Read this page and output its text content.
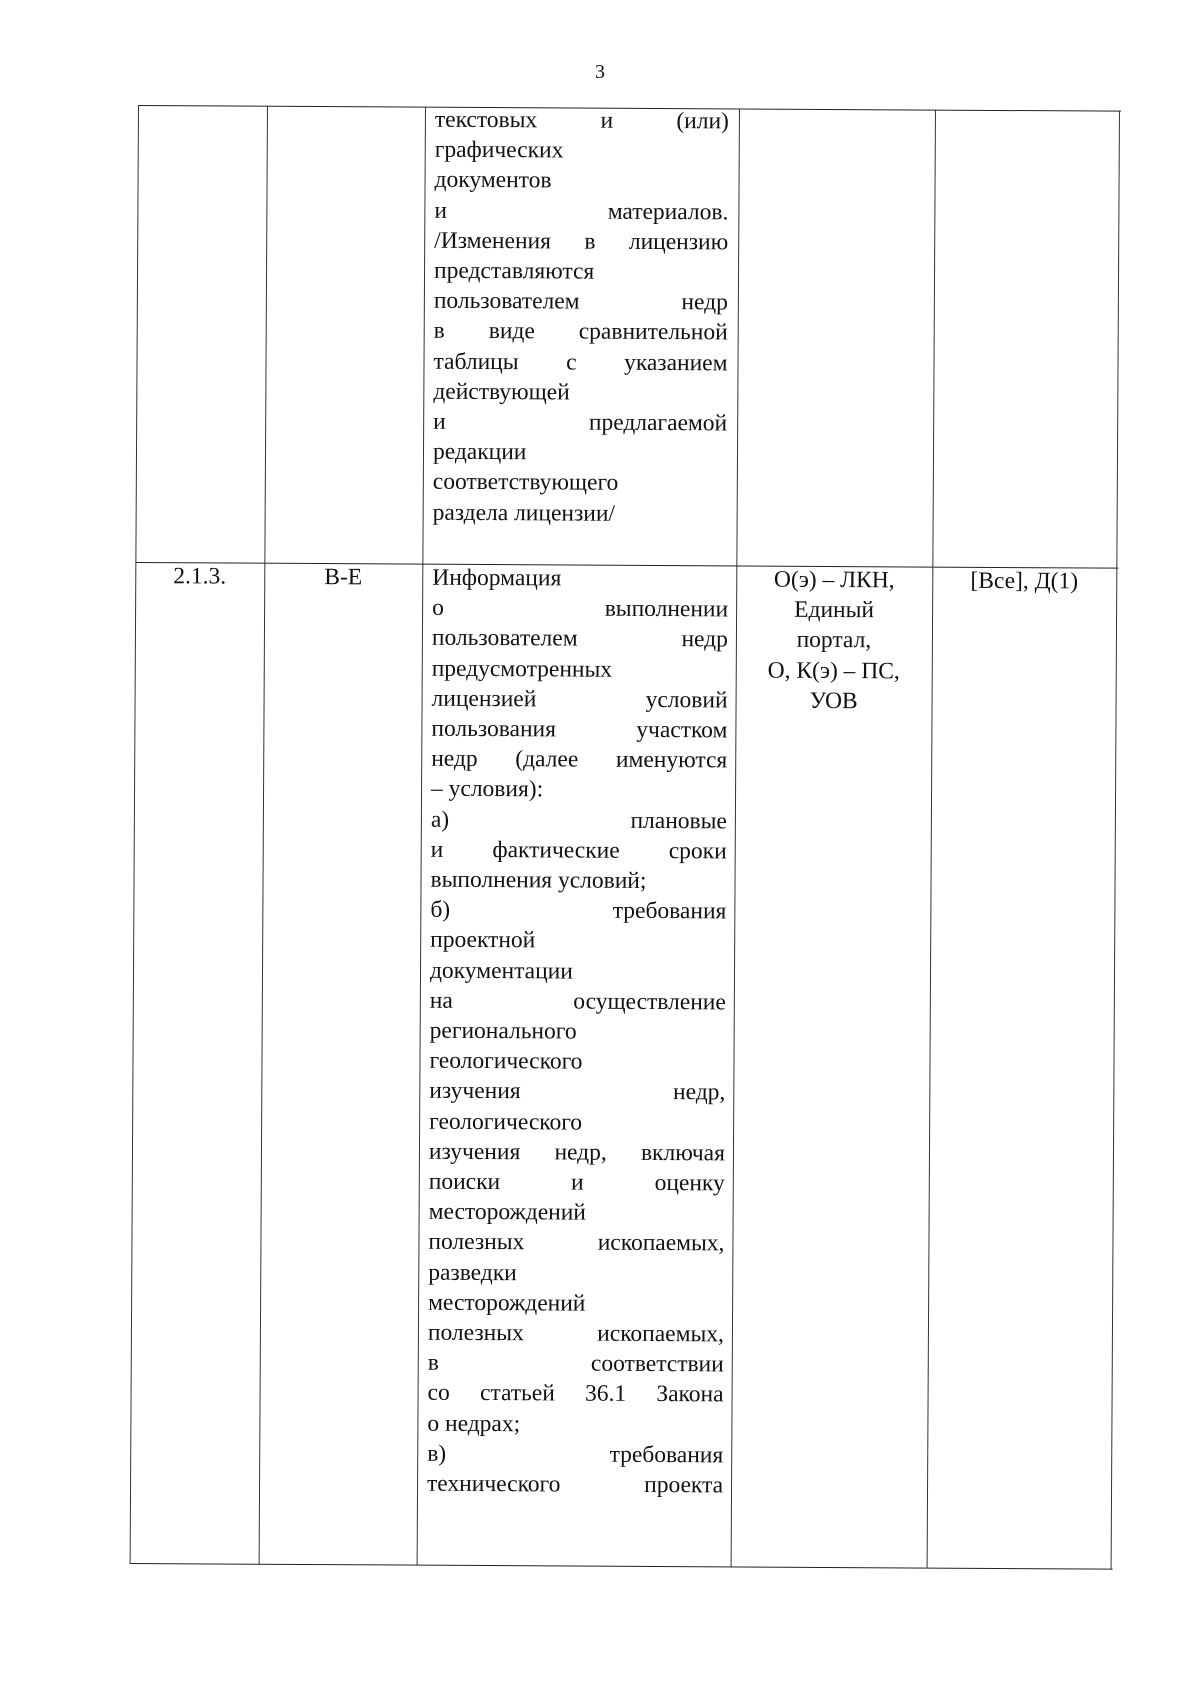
3
текстовых и (или)
графических
документов
и материалов.
/Изменения в лицензию
представляются
пользователем недр
в виде сравнительной
таблицы с указанием
действующей
и предлагаемой
редакции
соответствующего
раздела лицензии/
2.1.3.	В-Е	Информация
о выполнении
пользователем недр
предусмотренных
лицензией условий
пользования участком
недр (далее именуются
– условия):
а) плановые
и фактические сроки
выполнения условий;
б) требования
проектной
документации
на осуществление
регионального
геологического
изучения недр,
геологического
изучения недр, включая
поиски и оценку
месторождений
полезных ископаемых,
разведки
месторождений
полезных ископаемых,
в соответствии
со статьей 36.1 Закона
о недрах;
в) требования
технического проекта
О(э) – ЛКН,
Единый
портал,
О, К(э) – ПС,
УОВ
[Все], Д(1)
